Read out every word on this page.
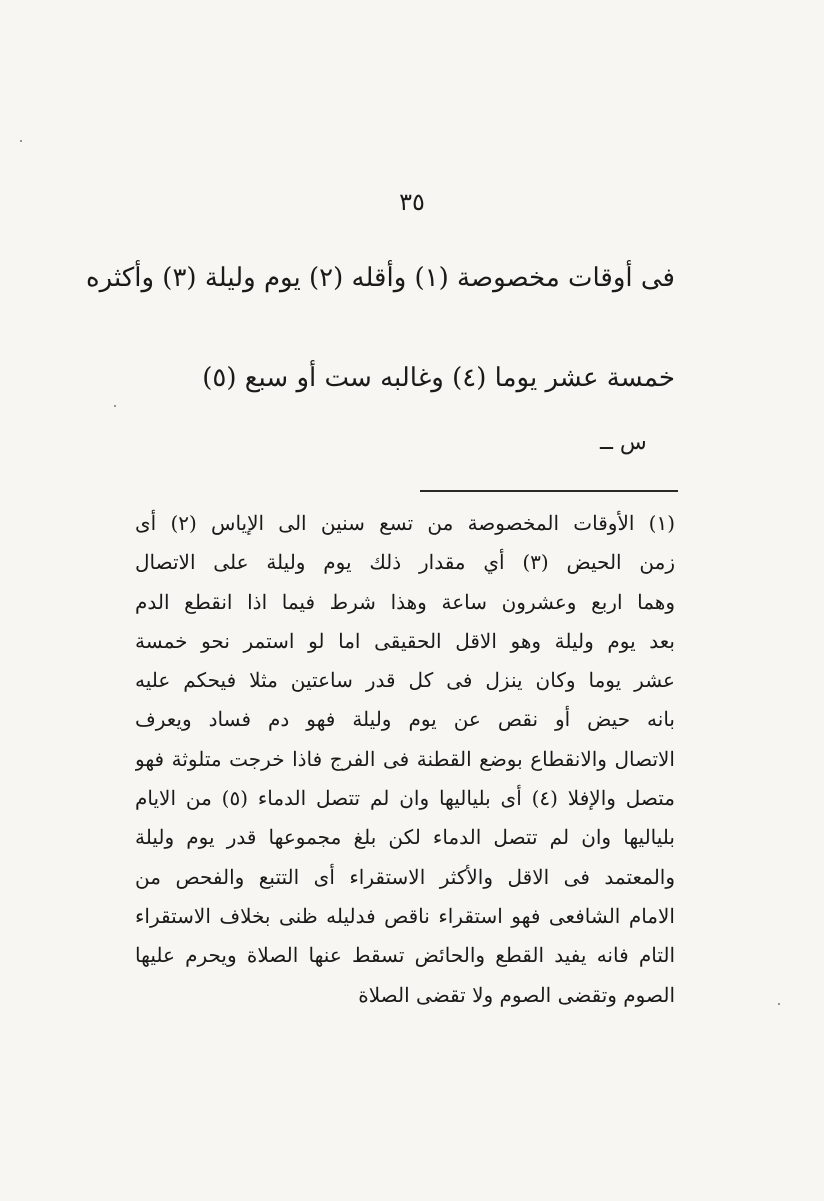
٣٥
فى أوقات مخصوصة (١) وأقله (٢) يوم وليلة (٣) وأكثره
خمسة عشر يوما (٤) وغالبه ست أو سبع (٥)
س ــ
(١) الأوقات المخصوصة من تسع سنين الى الإياس (٢) أى
زمن الحيض (٣) أي مقدار ذلك يوم وليلة على الاتصال
وهما اربع وعشرون ساعة وهذا شرط فيما اذا انقطع الدم
بعد يوم وليلة وهو الاقل الحقيقى اما لو استمر نحو خمسة
عشر يوما وكان ينزل فى كل قدر ساعتين مثلا فيحكم عليه
بانه حيض أو نقص عن يوم وليلة فهو دم فساد ويعرف
الاتصال والانقطاع بوضع القطنة فى الفرج فاذا خرجت متلوثة فهو
متصل والإفلا (٤) أى بلياليها وان لم تتصل الدماء (٥) من الايام
بلياليها وان لم تتصل الدماء لكن بلغ مجموعها قدر يوم وليلة
والمعتمد فى الاقل والأكثر الاستقراء أى التتبع والفحص من
الامام الشافعى فهو استقراء ناقص فدليله ظنى بخلاف الاستقراء
التام فانه يفيد القطع والحائض تسقط عنها الصلاة ويحرم عليها
الصوم وتقضى الصوم ولا تقضى الصلاة
